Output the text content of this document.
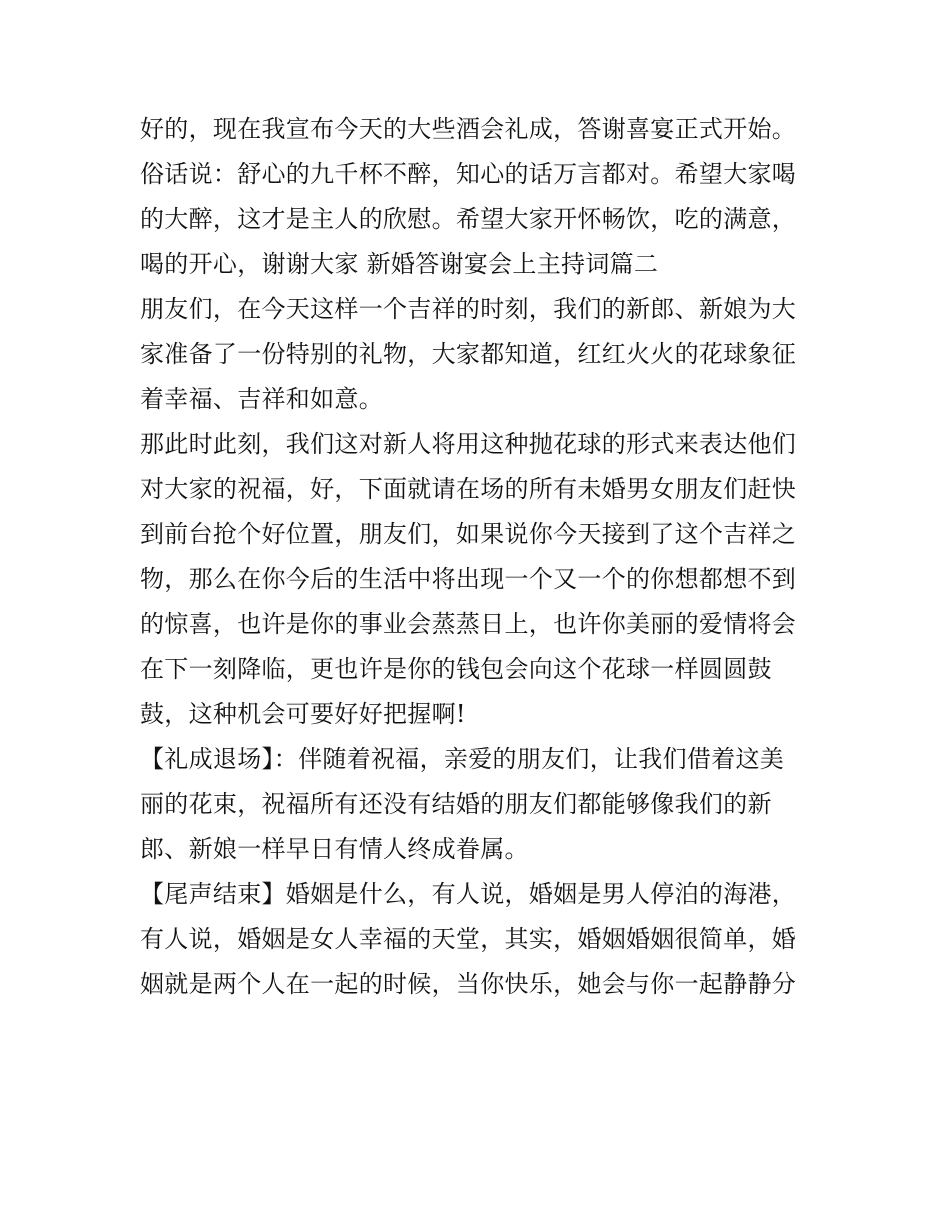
好的，现在我宣布今天的大些酒会礼成，答谢喜宴正式开始。
俗话说：舒心的九千杯不醉，知心的话万言都对。希望大家喝
的大醉，这才是主人的欣慰。希望大家开怀畅饮，吃的满意，
喝的开心，谢谢大家 新婚答谢宴会上主持词篇二
朋友们，在今天这样一个吉祥的时刻，我们的新郎、新娘为大
家准备了一份特别的礼物，大家都知道，红红火火的花球象征
着幸福、吉祥和如意。
那此时此刻，我们这对新人将用这种抛花球的形式来表达他们
对大家的祝福，好，下面就请在场的所有未婚男女朋友们赶快
到前台抢个好位置，朋友们，如果说你今天接到了这个吉祥之
物，那么在你今后的生活中将出现一个又一个的你想都想不到
的惊喜，也许是你的事业会蒸蒸日上，也许你美丽的爱情将会
在下一刻降临，更也许是你的钱包会向这个花球一样圆圆鼓
鼓，这种机会可要好好把握啊!
【礼成退场】：伴随着祝福，亲爱的朋友们，让我们借着这美
丽的花束，祝福所有还没有结婚的朋友们都能够像我们的新
郎、新娘一样早日有情人终成眷属。
【尾声结束】婚姻是什么，有人说，婚姻是男人停泊的海港，
有人说，婚姻是女人幸福的天堂，其实，婚姻婚姻很简单，婚
姻就是两个人在一起的时候，当你快乐，她会与你一起静静分
